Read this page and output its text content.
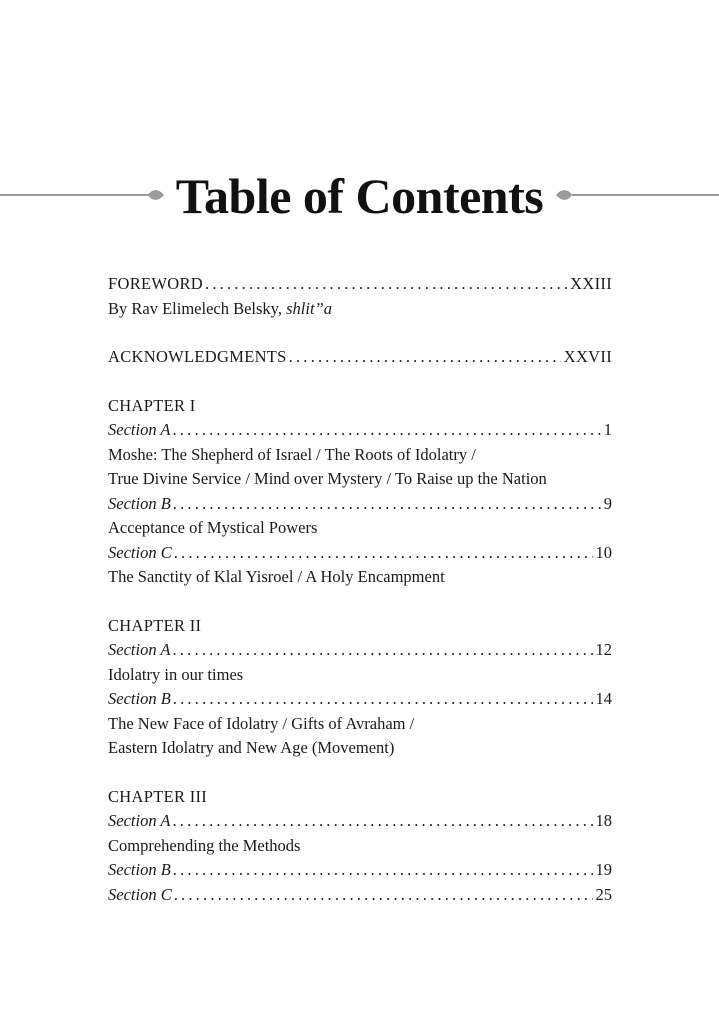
Table of Contents
FOREWORD .....	XXIII
By Rav Elimelech Belsky, shlit”a
ACKNOWLEDGMENTS .....	XXVII
CHAPTER I
Section A .....	1
Moshe: The Shepherd of Israel / The Roots of Idolatry /
True Divine Service / Mind over Mystery / To Raise up the Nation
Section B .....	9
Acceptance of Mystical Powers
Section C .....	10
The Sanctity of Klal Yisroel / A Holy Encampment
CHAPTER II
Section A .....	12
Idolatry in our times
Section B .....	14
The New Face of Idolatry / Gifts of Avraham /
Eastern Idolatry and New Age (Movement)
CHAPTER III
Section A .....	18
Comprehending the Methods
Section B .....	19
Section C .....	25
